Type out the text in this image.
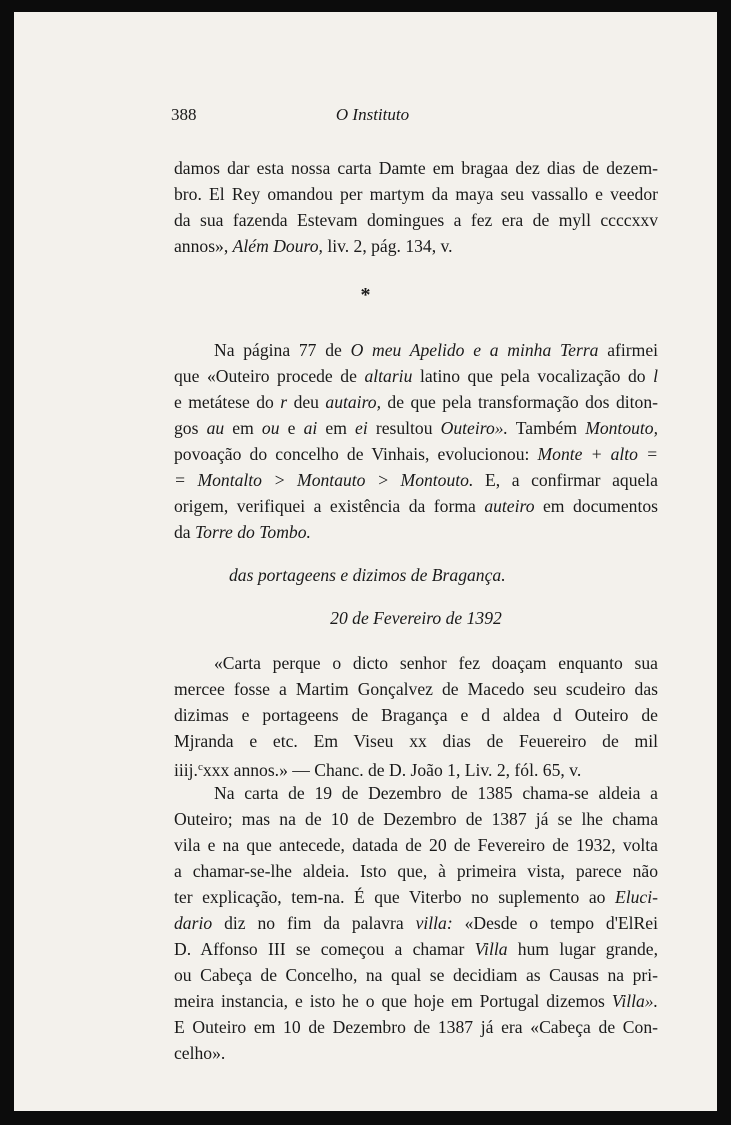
388	O Instituto
damos dar esta nossa carta Damte em bragaa dez dias de dezem-
bro. El Rey omandou per martym da maya seu vassallo e veedor
da sua fazenda Estevam domingues a fez era de myll ccccxxv
annos», Além Douro, liv. 2, pág. 134, v.
*
Na página 77 de O meu Apelido e a minha Terra afirmei
que «Outeiro procede de altariu latino que pela vocalização do l
e metátese do r deu autairo, de que pela transformação dos diton-
gos au em ou e ai em ei resultou Outeiro». Também Montouto,
povoação do concelho de Vinhais, evolucionou: Monte + alto =
= Montalto > Montauto > Montouto. E, a confirmar aquela
origem, verifiquei a existência da forma auteiro em documentos
da Torre do Tombo.
das portageens e dizimos de Bragança.
20 de Fevereiro de 1392
«Carta perque o dicto senhor fez doaçam enquanto sua
mercee fosse a Martim Gonçalvez de Macedo seu scudeiro das
dizimas e portageens de Bragança e d aldea d Outeiro de
Mjranda e etc. Em Viseu xx dias de Feuereiro de mil
iiij.$^c$xxx annos.» — Chanc. de D. João 1, Liv. 2, fól. 65, v.
Na carta de 19 de Dezembro de 1385 chama-se aldeia a
Outeiro; mas na de 10 de Dezembro de 1387 já se lhe chama
vila e na que antecede, datada de 20 de Fevereiro de 1932, volta
a chamar-se-lhe aldeia. Isto que, à primeira vista, parece não
ter explicação, tem-na. É que Viterbo no suplemento ao Eluci-
dario diz no fim da palavra villa: «Desde o tempo d'ElRei
D. Affonso III se começou a chamar Villa hum lugar grande,
ou Cabeça de Concelho, na qual se decidiam as Causas na pri-
meira instancia, e isto he o que hoje em Portugal dizemos Villa».
E Outeiro em 10 de Dezembro de 1387 já era «Cabeça de Con-
celho».
